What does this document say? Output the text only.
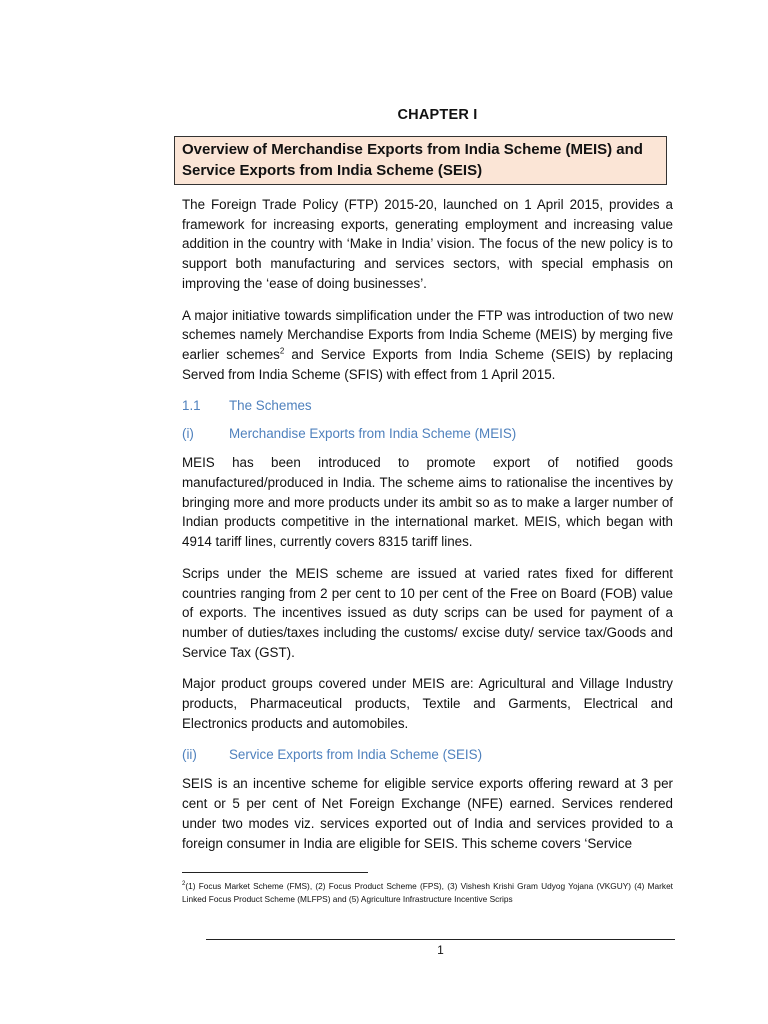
CHAPTER I
Overview of Merchandise Exports from India Scheme (MEIS) and Service Exports from India Scheme (SEIS)

The Foreign Trade Policy (FTP) 2015-20, launched on 1 April 2015, provides a framework for increasing exports, generating employment and increasing value addition in the country with ‘Make in India’ vision. The focus of the new policy is to support both manufacturing and services sectors, with special emphasis on improving the ‘ease of doing businesses’.

A major initiative towards simplification under the FTP was introduction of two new schemes namely Merchandise Exports from India Scheme (MEIS) by merging five earlier schemes$^2$ and Service Exports from India Scheme (SEIS) by replacing Served from India Scheme (SFIS) with effect from 1 April 2015.

1.1	The Schemes
(i)	Merchandise Exports from India Scheme (MEIS)

MEIS has been introduced to promote export of notified goods manufactured/produced in India. The scheme aims to rationalise the incentives by bringing more and more products under its ambit so as to make a larger number of Indian products competitive in the international market. MEIS, which began with 4914 tariff lines, currently covers 8315 tariff lines.

Scrips under the MEIS scheme are issued at varied rates fixed for different countries ranging from 2 per cent to 10 per cent of the Free on Board (FOB) value of exports. The incentives issued as duty scrips can be used for payment of a number of duties/taxes including the customs/ excise duty/ service tax/Goods and Service Tax (GST).

Major product groups covered under MEIS are: Agricultural and Village Industry products, Pharmaceutical products, Textile and Garments, Electrical and Electronics products and automobiles.

(ii)	Service Exports from India Scheme (SEIS)

SEIS is an incentive scheme for eligible service exports offering reward at 3 per cent or 5 per cent of Net Foreign Exchange (NFE) earned. Services rendered under two modes viz. services exported out of India and services provided to a foreign consumer in India are eligible for SEIS. This scheme covers ‘Service

$^2$(1) Focus Market Scheme (FMS), (2) Focus Product Scheme (FPS), (3) Vishesh Krishi Gram Udyog Yojana (VKGUY) (4) Market Linked Focus Product Scheme (MLFPS) and (5) Agriculture Infrastructure Incentive Scrips
1
